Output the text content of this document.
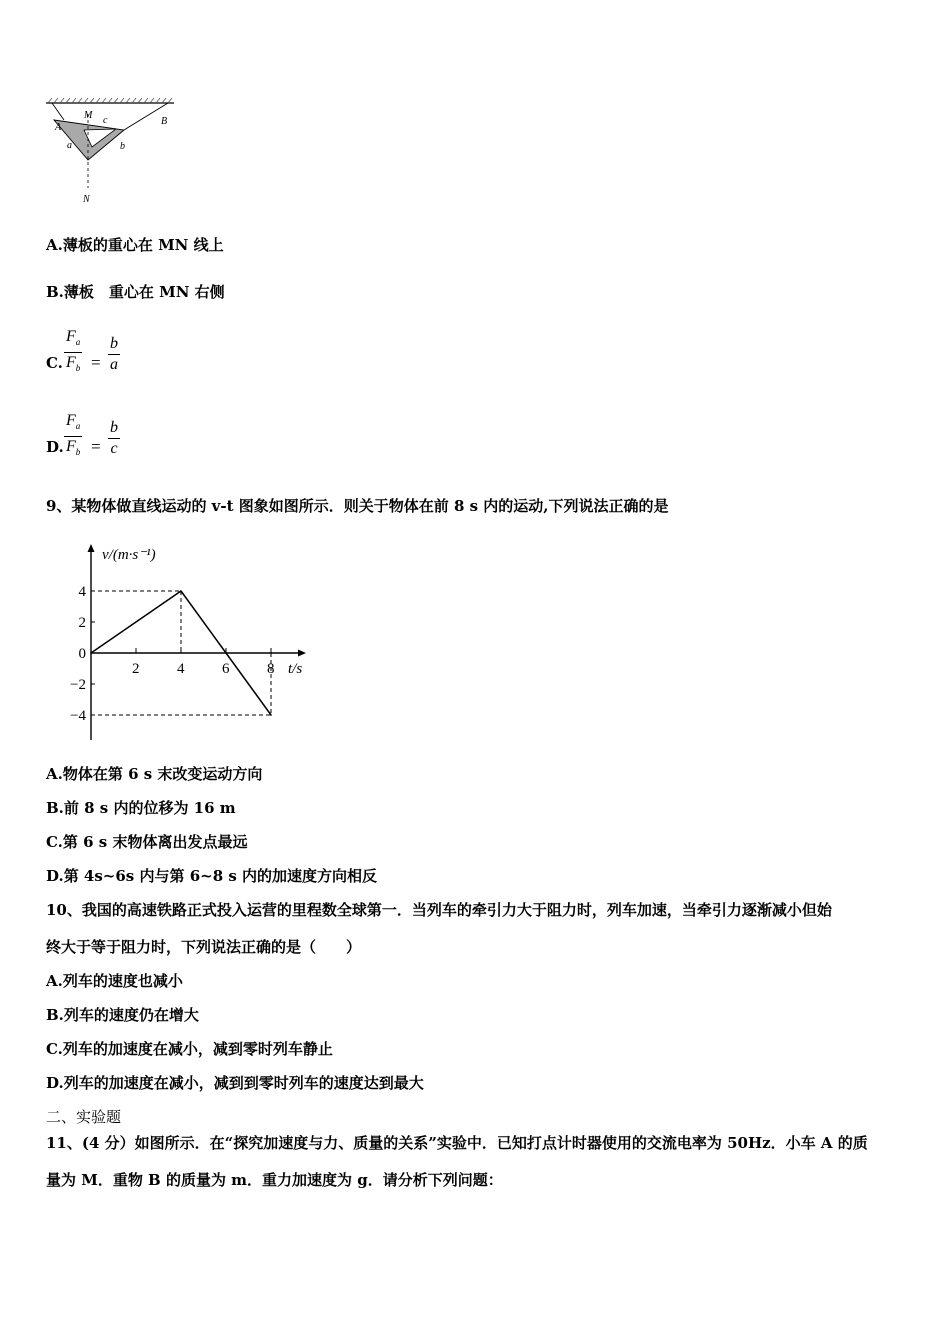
M c
A
B
a	b
N
A.薄板的重心在 MN 线上
B.薄板　重心在 MN 右侧
C.
$F_a$
$F_b$ =
b
a
D.
$F_a$
$F_b$ =
b
c
9、某物体做直线运动的 v-t 图象如图所示．则关于物体在前 8 s 内的运动,下列说法正确的是
2	4	6	8
4
2
0
−2
−4
v/(m·s⁻¹)
t/s
A.物体在第 6 s 末改变运动方向
B.前 8 s 内的位移为 16 m
C.第 6 s 末物体离出发点最远
D.第 4s~6s 内与第 6~8 s 内的加速度方向相反
10、我国的高速铁路正式投入运营的里程数全球第一．当列车的牵引力大于阻力时，列车加速，当牵引力逐渐减小但始
终大于等于阻力时，下列说法正确的是（　　）
A.列车的速度也减小
B.列车的速度仍在增大
C.列车的加速度在减小，减到零时列车静止
D.列车的加速度在减小，减到到零时列车的速度达到最大
二、实验题
11、(4 分）如图所示．在“探究加速度与力、质量的关系”实验中．已知打点计时器使用的交流电率为 50Hz．小车 A 的质
量为 M．重物 B 的质量为 m．重力加速度为 g．请分析下列问题：
